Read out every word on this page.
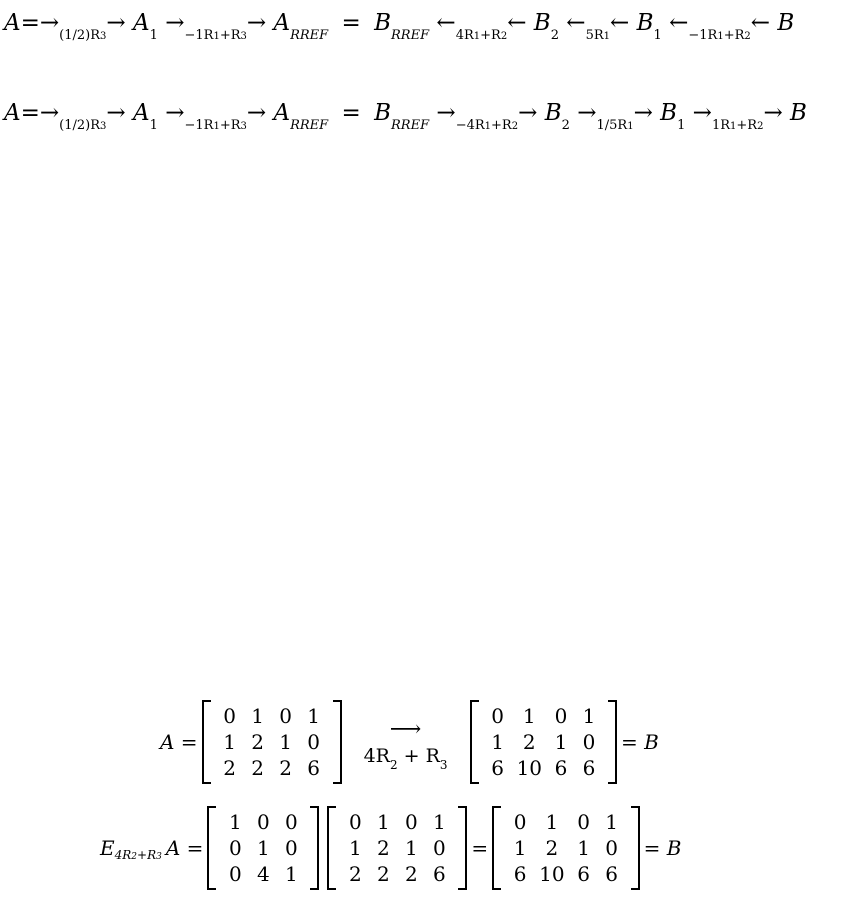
$A=\to_{(1/2)R3}\to A_1 \to_{-1R1+R3}\to A_{RREF} = B_{RREF}$ $\leftarrow_{4R1+R2}\leftarrow$ $B_2$ $\leftarrow_{5R1}\leftarrow$ $B_1$ $\leftarrow_{-1R1+R2}\leftarrow$ B
$A=\to_{(1/2)R3}\to A_1 \to_{-1R1+R3}\to A_{RREF} = B_{RREF} \to_{-4R1+R2}\to B_2 \to_{1/5R1}\to B_1 \to_{1R1+R2}\to B$
A =
0 1 0 1
1 2 1 0
2 2 2 6
⟶
$4R_2 + R_3$
0 1 0 1
1 2 1 0
6 10 6 6
= B
E 4R2+R3 A =
1 0 0
0 1 0
0 4 1
0 1 0 1
1 2 1 0
2 2 2 6
=
0 1 0 1
1 2 1 0
6 10 6 6
= B
